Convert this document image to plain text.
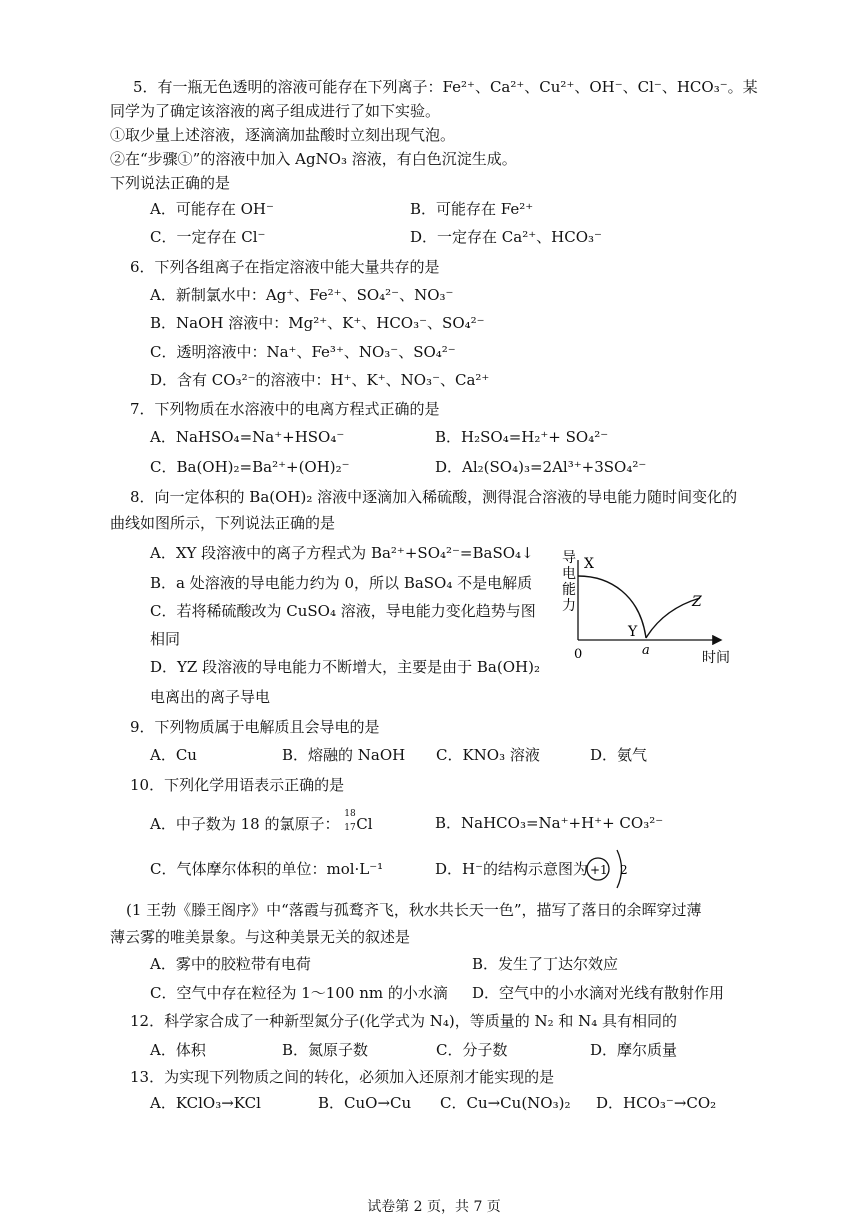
5．有一瓶无色透明的溶液可能存在下列离子：Fe²⁺、Ca²⁺、Cu²⁺、OH⁻、Cl⁻、HCO₃⁻。某
同学为了确定该溶液的离子组成进行了如下实验。
①取少量上述溶液，逐滴滴加盐酸时立刻出现气泡。
②在“步骤①”的溶液中加入 AgNO₃ 溶液，有白色沉淀生成。
下列说法正确的是
A．可能存在 OH⁻	B．可能存在 Fe²⁺
C．一定存在 Cl⁻	D．一定存在 Ca²⁺、HCO₃⁻
6．下列各组离子在指定溶液中能大量共存的是
A．新制氯水中：Ag⁺、Fe²⁺、SO₄²⁻、NO₃⁻
B．NaOH 溶液中：Mg²⁺、K⁺、HCO₃⁻、SO₄²⁻
C．透明溶液中：Na⁺、Fe³⁺、NO₃⁻、SO₄²⁻
D．含有 CO₃²⁻的溶液中：H⁺、K⁺、NO₃⁻、Ca²⁺
7．下列物质在水溶液中的电离方程式正确的是
A．NaHSO₄=Na⁺+HSO₄⁻	B．H₂SO₄=H₂⁺+ SO₄²⁻
C．Ba(OH)₂=Ba²⁺+(OH)₂⁻	D．Al₂(SO₄)₃=2Al³⁺+3SO₄²⁻
8．向一定体积的 Ba(OH)₂ 溶液中逐滴加入稀硫酸，测得混合溶液的导电能力随时间变化的
曲线如图所示，下列说法正确的是
A．XY 段溶液中的离子方程式为 Ba²⁺+SO₄²⁻=BaSO₄↓
B．a 处溶液的导电能力约为 0，所以 BaSO₄ 不是电解质
C．若将稀硫酸改为 CuSO₄ 溶液，导电能力变化趋势与图
相同
D．YZ 段溶液的导电能力不断增大，主要是由于 Ba(OH)₂
电离出的离子导电
导
电
能
力
X
Y
Z
0	a	时间
9．下列物质属于电解质且会导电的是
A．Cu	B．熔融的 NaOH C．KNO₃ 溶液	D．氨气
10．下列化学用语表示正确的是
A．中子数为 18 的氯原子：
18
17 Cl	B．NaHCO₃=Na⁺+H⁺+ CO₃²⁻
C．气体摩尔体积的单位：mol·L⁻¹	D．H⁻的结构示意图为 +1 2
(1 王勃《滕王阁序》中“落霞与孤鹜齐飞，秋水共长天一色”，描写了落日的余晖穿过薄
薄云雾的唯美景象。与这种美景无关的叙述是
A．雾中的胶粒带有电荷	B．发生了丁达尔效应
C．空气中存在粒径为 1～100 nm 的小水滴 D．空气中的小水滴对光线有散射作用
12．科学家合成了一种新型氮分子(化学式为 N₄)，等质量的 N₂ 和 N₄ 具有相同的
A．体积	B．氮原子数	C．分子数	D．摩尔质量
13．为实现下列物质之间的转化，必须加入还原剂才能实现的是
A．KClO₃→KCl	B．CuO→Cu C．Cu→Cu(NO₃)₂ D．HCO₃⁻→CO₂
试卷第 2 页，共 7 页
